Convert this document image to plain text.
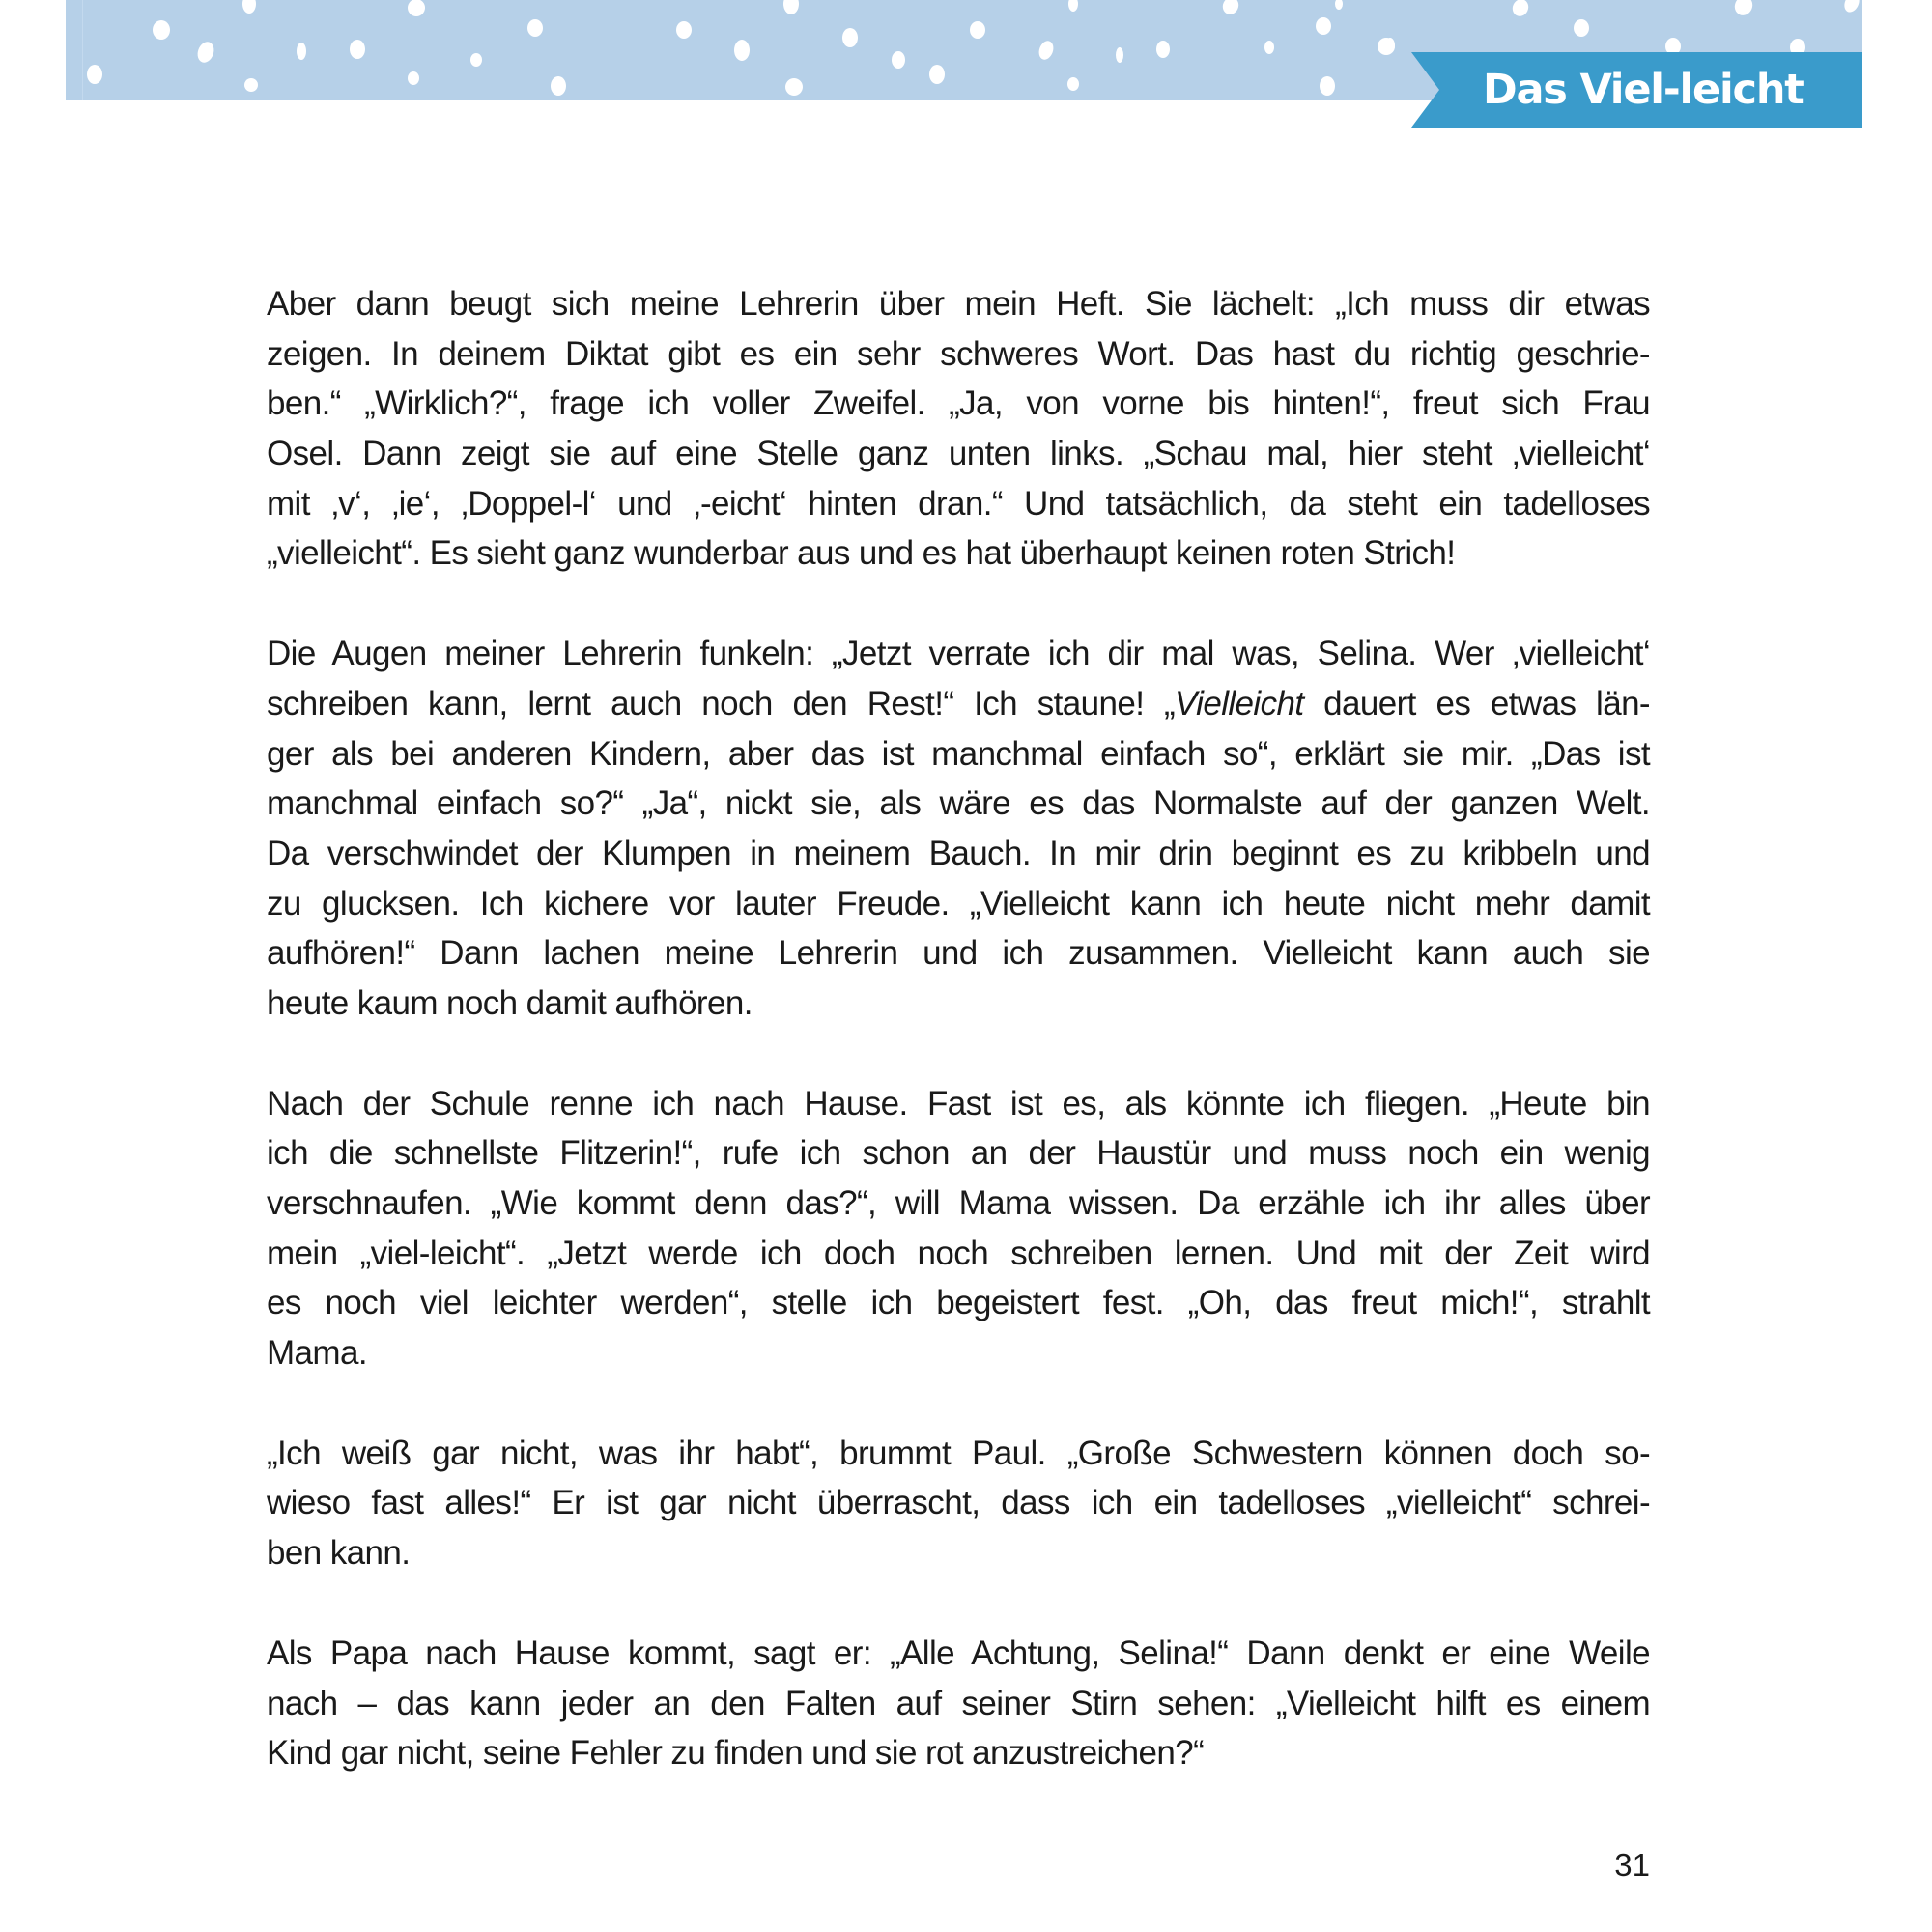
Das Viel-leicht
Aber dann beugt sich meine Lehrerin über mein Heft. Sie lächelt: „Ich muss dir etwas
zeigen. In deinem Diktat gibt es ein sehr schweres Wort. Das hast du richtig geschrie-
ben.“ „Wirklich?“, frage ich voller Zweifel. „Ja, von vorne bis hinten!“, freut sich Frau
Osel. Dann zeigt sie auf eine Stelle ganz unten links. „Schau mal, hier steht ‚vielleicht‘
mit ‚v‘, ‚ie‘, ‚Doppel-l‘ und ‚-eicht‘ hinten dran.“ Und tatsächlich, da steht ein tadelloses
„vielleicht“. Es sieht ganz wunderbar aus und es hat überhaupt keinen roten Strich!
Die Augen meiner Lehrerin funkeln: „Jetzt verrate ich dir mal was, Selina. Wer ‚vielleicht‘
schreiben kann, lernt auch noch den Rest!“ Ich staune! „Vielleicht dauert es etwas län-
ger als bei anderen Kindern, aber das ist manchmal einfach so“, erklärt sie mir. „Das ist
manchmal einfach so?“ „Ja“, nickt sie, als wäre es das Normalste auf der ganzen Welt.
Da verschwindet der Klumpen in meinem Bauch. In mir drin beginnt es zu kribbeln und
zu glucksen. Ich kichere vor lauter Freude. „Vielleicht kann ich heute nicht mehr damit
aufhören!“ Dann lachen meine Lehrerin und ich zusammen. Vielleicht kann auch sie
heute kaum noch damit aufhören.
Nach der Schule renne ich nach Hause. Fast ist es, als könnte ich fliegen. „Heute bin
ich die schnellste Flitzerin!“, rufe ich schon an der Haustür und muss noch ein wenig
verschnaufen. „Wie kommt denn das?“, will Mama wissen. Da erzähle ich ihr alles über
mein „viel-leicht“. „Jetzt werde ich doch noch schreiben lernen. Und mit der Zeit wird
es noch viel leichter werden“, stelle ich begeistert fest. „Oh, das freut mich!“, strahlt
Mama.
„Ich weiß gar nicht, was ihr habt“, brummt Paul. „Große Schwestern können doch so-
wieso fast alles!“ Er ist gar nicht überrascht, dass ich ein tadelloses „vielleicht“ schrei-
ben kann.
Als Papa nach Hause kommt, sagt er: „Alle Achtung, Selina!“ Dann denkt er eine Weile
nach – das kann jeder an den Falten auf seiner Stirn sehen: „Vielleicht hilft es einem
Kind gar nicht, seine Fehler zu finden und sie rot anzustreichen?“
31
